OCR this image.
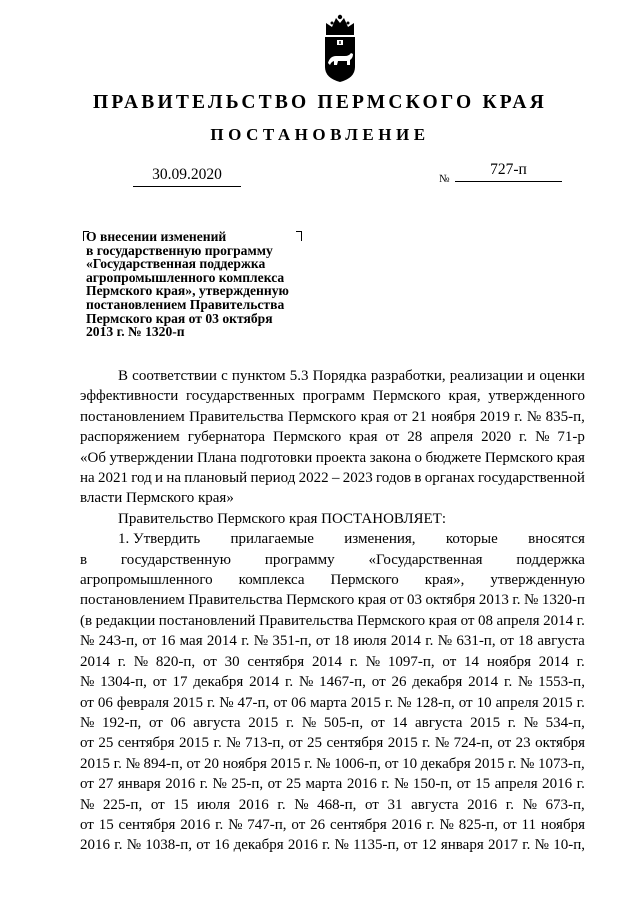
ПРАВИТЕЛЬСТВО ПЕРМСКОГО КРАЯ
ПОСТАНОВЛЕНИЕ
30.09.2020	№
727-п
О внесении изменений
в государственную программу
«Государственная поддержка
агропромышленного комплекса
Пермского края», утвержденную
постановлением Правительства
Пермского края от 03 октября
2013 г. № 1320-п
В соответствии с пунктом 5.3 Порядка разработки, реализации и оценки
эффективности государственных программ Пермского края, утвержденного
постановлением Правительства Пермского края от 21 ноября 2019 г. № 835-п,
распоряжением губернатора Пермского края от 28 апреля 2020 г. № 71-р
«Об утверждении Плана подготовки проекта закона о бюджете Пермского края
на 2021 год и на плановый период 2022 – 2023 годов в органах государственной
власти Пермского края»
Правительство Пермского края ПОСТАНОВЛЯЕТ:
1. Утвердить прилагаемые изменения, которые вносятся
в государственную программу «Государственная поддержка
агропромышленного комплекса Пермского края», утвержденную
постановлением Правительства Пермского края от 03 октября 2013 г. № 1320-п
(в редакции постановлений Правительства Пермского края от 08 апреля 2014 г.
№ 243-п, от 16 мая 2014 г. № 351-п, от 18 июля 2014 г. № 631-п, от 18 августа
2014 г. № 820-п, от 30 сентября 2014 г. № 1097-п, от 14 ноября 2014 г.
№ 1304-п, от 17 декабря 2014 г. № 1467-п, от 26 декабря 2014 г. № 1553-п,
от 06 февраля 2015 г. № 47-п, от 06 марта 2015 г. № 128-п, от 10 апреля 2015 г.
№ 192-п, от 06 августа 2015 г. № 505-п, от 14 августа 2015 г. № 534-п,
от 25 сентября 2015 г. № 713-п, от 25 сентября 2015 г. № 724-п, от 23 октября
2015 г. № 894-п, от 20 ноября 2015 г. № 1006-п, от 10 декабря 2015 г. № 1073-п,
от 27 января 2016 г. № 25-п, от 25 марта 2016 г. № 150-п, от 15 апреля 2016 г.
№ 225-п, от 15 июля 2016 г. № 468-п, от 31 августа 2016 г. № 673-п,
от 15 сентября 2016 г. № 747-п, от 26 сентября 2016 г. № 825-п, от 11 ноября
2016 г. № 1038-п, от 16 декабря 2016 г. № 1135-п, от 12 января 2017 г. № 10-п,
